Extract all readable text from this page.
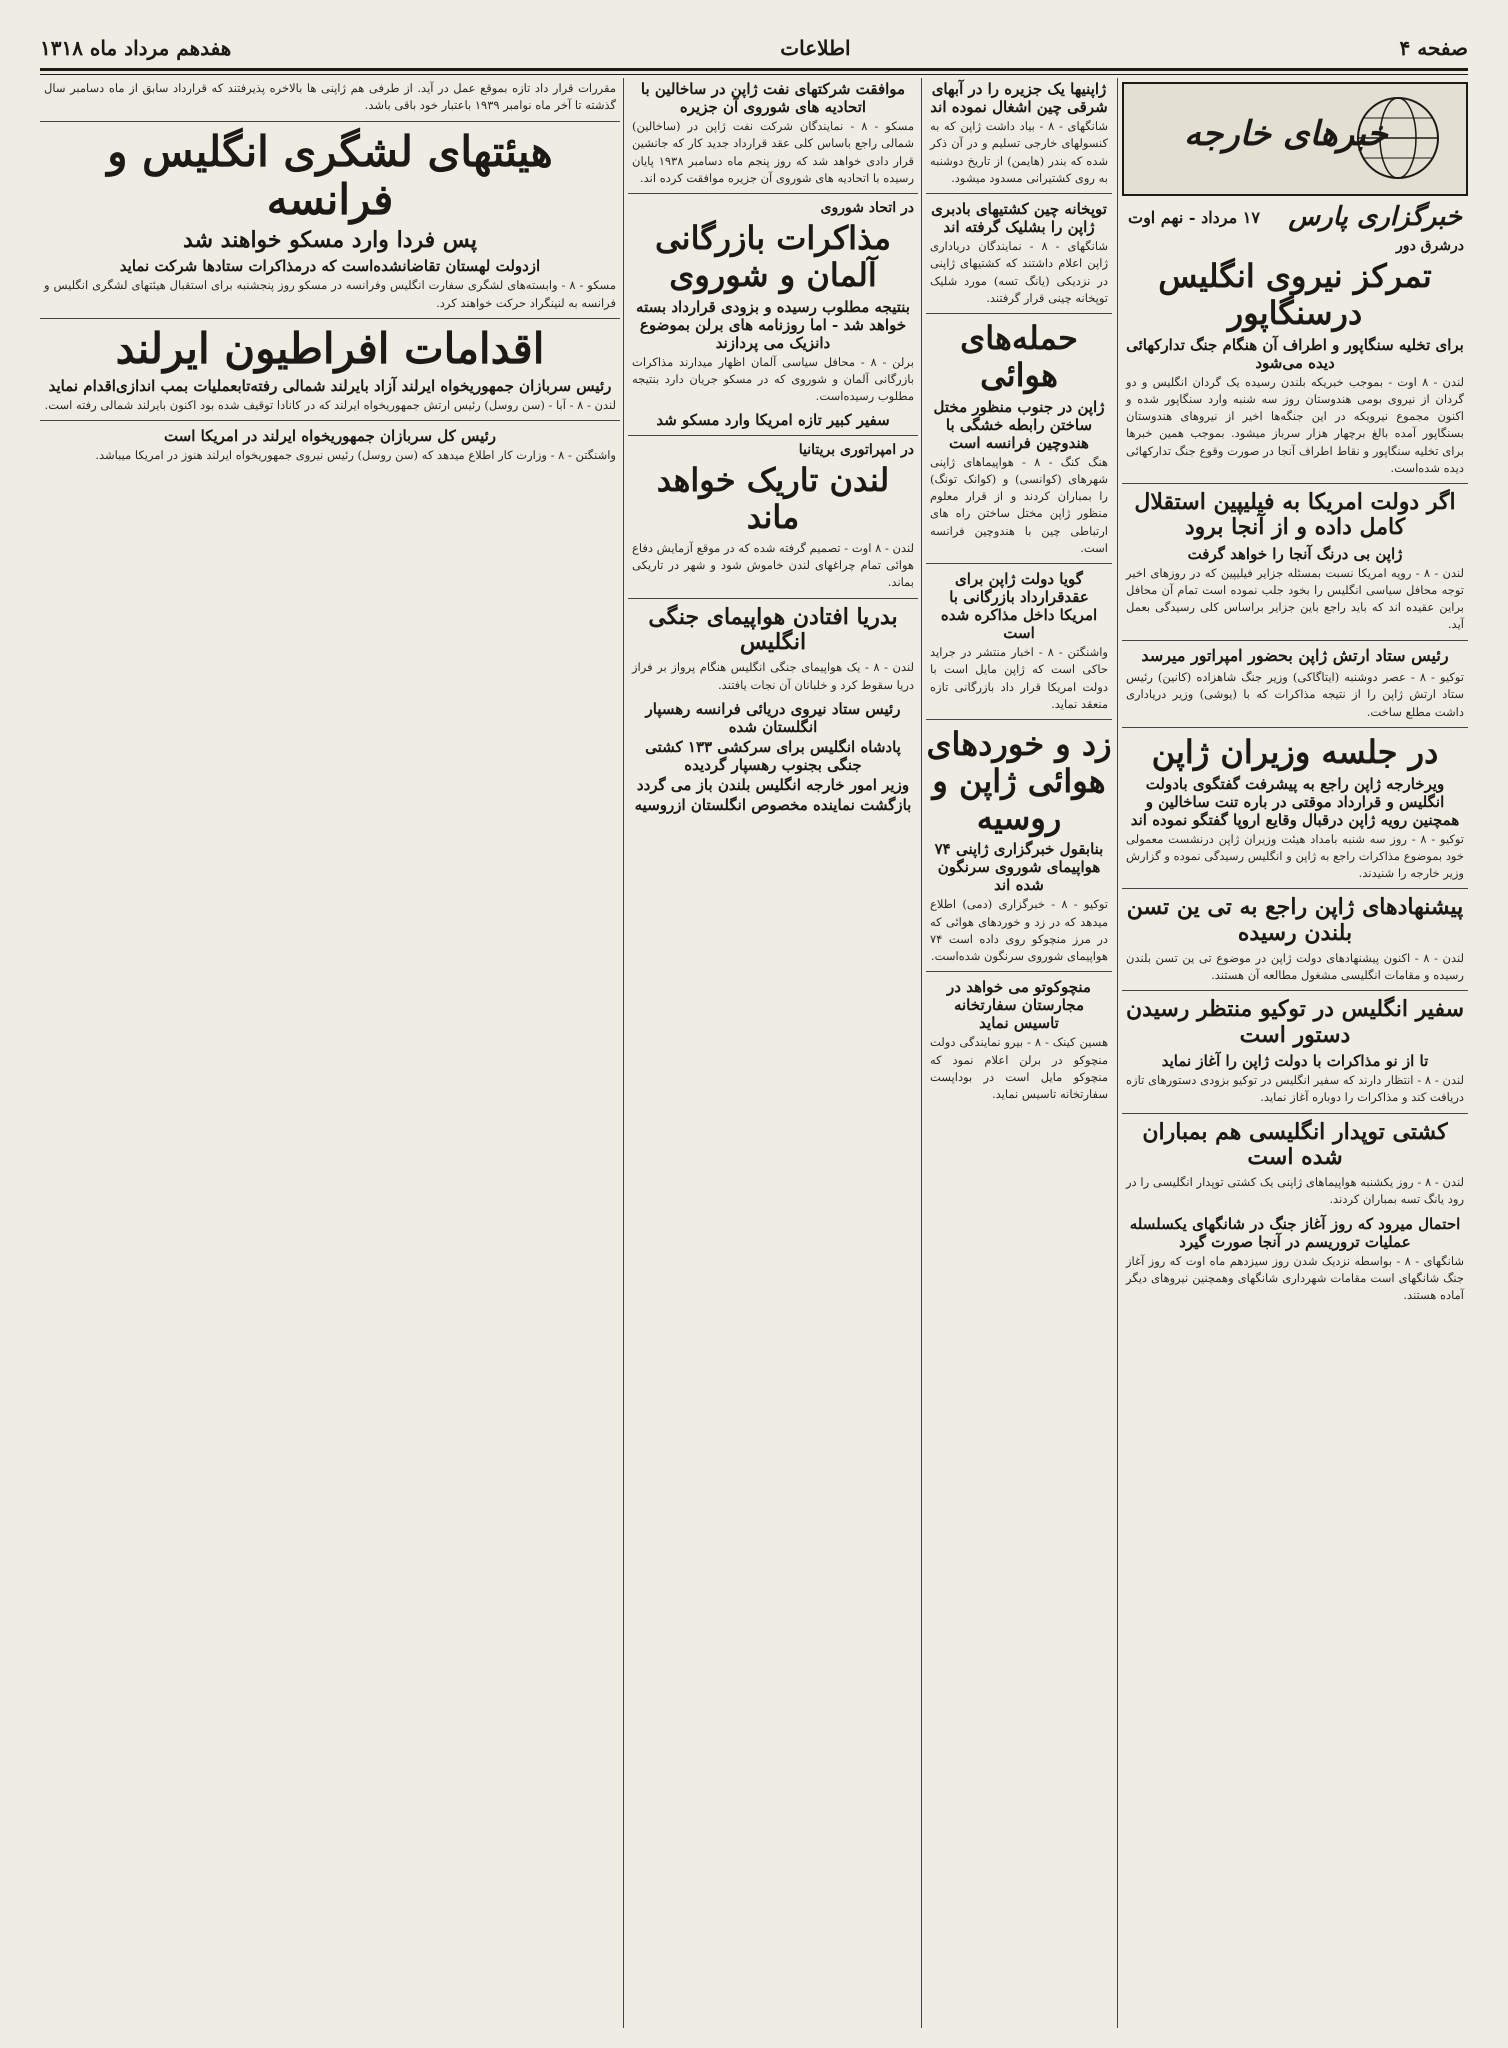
صفحه ۴
اطلاعات
هفدهم مرداد ماه ۱۳۱۸
خبرهای خارجه
خبرگزاری پارس
۱۷ مرداد - نهم اوت
درشرق دور
تمرکز نیروی انگلیس درسنگاپور
برای تخلیه سنگاپور و اطراف آن هنگام جنگ تدارکهائی دیده می‌شود
لندن - ۸ اوت - بموجب خبریکه بلندن رسیده یک گردان انگلیس و دو گردان از نیروی بومی هندوستان روز سه شنبه وارد سنگاپور شده و اکنون مجموع نیرویکه در این جنگه‌ها اخیر از نیروهای هندوستان بسنگاپور آمده بالغ برچهار هزار سرباز میشود. بموجب همین خبرها برای تخلیه سنگاپور و نقاط اطراف آنجا در صورت وقوع جنگ تدارکهائی دیده شده‌است.
اگر دولت امریکا به فیلیپین استقلال کامل داده و از آنجا برود
ژاپن بی درنگ آنجا را خواهد گرفت
لندن - ۸ - رویه امریکا نسبت بمسئله جزایر فیلیپین که در روزهای اخیر توجه محافل سیاسی انگلیس را بخود جلب نموده است تمام آن محافل براین عقیده اند که باید راجع باین جزایر براساس کلی رسیدگی بعمل آید.
رئیس ستاد ارتش ژاپن بحضور امپراتور میرسد
توکیو - ۸ - عصر دوشنبه (ایتاگاکی) وزیر جنگ شاهزاده (کانین) رئیس ستاد ارتش ژاپن را از نتیجه مذاکرات که با (یوشی) وزیر دریاداری داشت مطلع ساخت.
در جلسه وزیران ژاپن
ویرخارجه ژاپن راجع به پیشرفت گفتگوی بادولت انگلیس و قرارداد موقتی در باره تنت ساخالین و همچنین رویه ژاپن درقبال وقایع اروپا گفتگو نموده اند
توکیو - ۸ - روز سه شنبه بامداد هیئت وزیران ژاپن درنشست معمولی خود بموضوع مذاکرات راجع به ژاپن و انگلیس رسیدگی نموده و گزارش وزیر خارجه را شنیدند.
پیشنهادهای ژاپن راجع به تی ین تسن بلندن رسیده
لندن - ۸ - اکنون پیشنهادهای دولت ژاپن در موضوع تی ین تسن بلندن رسیده و مقامات انگلیسی مشغول مطالعه آن هستند.
سفیر انگلیس در توکیو منتظر رسیدن دستور است
تا از نو مذاکرات با دولت ژاپن را آغاز نماید
لندن - ۸ - انتظار دارند که سفیر انگلیس در توکیو بزودی دستورهای تازه دریافت کند و مذاکرات را دوباره آغاز نماید.
کشتی توپدار انگلیسی هم بمباران شده است
لندن - ۸ - روز یکشنبه هواپیماهای ژاپنی یک کشتی توپدار انگلیسی را در رود یانگ تسه بمباران کردند.
احتمال میرود که روز آغاز جنگ در شانگهای یکسلسله عملیات تروریسم در آنجا صورت گیرد
شانگهای - ۸ - بواسطه نزدیک شدن روز سیزدهم ماه اوت که روز آغاز جنگ شانگهای است مقامات شهرداری شانگهای وهمچنین نیروهای دیگر آماده هستند.
ژاپنیها یک جزیره را در آبهای شرقی چین اشغال نموده اند
شانگهای - ۸ - بیاد داشت ژاپن که به کنسولهای خارجی تسلیم و در آن ذکر شده که بندر (هایمن) از تاریخ دوشنبه به روی کشتیرانی مسدود میشود.
توپخانه چین کشتیهای بادبری ژاپن را بشلیک گرفته اند
شانگهای - ۸ - نمایندگان دریاداری ژاپن اعلام داشتند که کشتیهای ژاپنی در نزدیکی (یانگ تسه) مورد شلیک توپخانه چینی قرار گرفتند.
حمله‌های هوائی
ژاپن در جنوب منظور مختل ساختن رابطه خشگی با هندوچین فرانسه است
هنگ کنگ - ۸ - هواپیماهای ژاپنی شهرهای (کوانسی) و (کوانک تونگ) را بمباران کردند و از قرار معلوم منظور ژاپن مختل ساختن راه های ارتباطی چین با هندوچین فرانسه است.
گویا دولت ژاپن برای عقدقرارداد بازرگانی با امریکا داخل مذاکره شده است
واشنگتن - ۸ - اخبار منتشر در جراید حاکی است که ژاپن مایل است با دولت امریکا قرار داد بازرگانی تازه منعقد نماید.
زد و خوردهای هوائی ژاپن و روسیه
بنابقول خبرگزاری ژاپنی ۷۴ هواپیمای شوروی سرنگون شده اند
توکیو - ۸ - خبرگزاری (دمی) اطلاع میدهد که در زد و خوردهای هوائی که در مرز منچوکو روی داده است ۷۴ هواپیمای شوروی سرنگون شده‌است.
منچوکوتو می خواهد در مجارستان سفارتخانه تاسیس نماید
هسین کینک - ۸ - بیرو نمایندگی دولت منچوکو در برلن اعلام نمود که منچوکو مایل است در بوداپست سفارتخانه تاسیس نماید.
موافقت شرکتهای نفت ژاپن در ساخالین با اتحادیه های شوروی آن جزیره
مسکو - ۸ - نمایندگان شرکت نفت ژاپن در (ساخالین) شمالی راجع باساس کلی عقد قرارداد جدید کار که جانشین قرار دادی خواهد شد که روز پنجم ماه دسامبر ۱۹۳۸ پایان رسیده با اتحادیه های شوروی آن جزیره موافقت کرده اند.
در اتحاد شوروی
مذاکرات بازرگانی آلمان و شوروی
بنتیجه مطلوب رسیده و بزودی قرارداد بسته خواهد شد - اما روزنامه های برلن بموضوع دانزیک می پردازند
برلن - ۸ - محافل سیاسی آلمان اظهار میدارند مذاکرات بازرگانی آلمان و شوروی که در مسکو جریان دارد بنتیجه مطلوب رسیده‌است.
سفیر کبیر تازه امریکا وارد مسکو شد
در امپراتوری بریتانیا
لندن تاریک خواهد ماند
لندن - ۸ اوت - تصمیم گرفته شده که در موقع آزمایش دفاع هوائی تمام چراغهای لندن خاموش شود و شهر در تاریکی بماند.
بدریا افتادن هواپیمای جنگی انگلیس
لندن - ۸ - یک هواپیمای جنگی انگلیس هنگام پرواز بر فراز دریا سقوط کرد و خلبانان آن نجات یافتند.
رئیس ستاد نیروی دریائی فرانسه رهسپار انگلستان شده
پادشاه انگلیس برای سرکشی ۱۳۳ کشتی جنگی بجنوب رهسپار گردیده
وزیر امور خارجه انگلیس بلندن باز می گردد
بازگشت نماینده مخصوص انگلستان ازروسیه
مقررات قرار داد تازه بموقع عمل در آید. از طرفی هم ژاپنی ها بالاخره پذیرفتند که قرارداد سابق از ماه دسامبر سال گذشته تا آخر ماه نوامبر ۱۹۳۹ باعتبار خود باقی باشد.
هیئتهای لشگری انگلیس و فرانسه
پس فردا وارد مسکو خواهند شد
ازدولت لهستان تقاضانشده‌است که درمذاکرات ستادها شرکت نماید
مسکو - ۸ - وابسته‌های لشگری سفارت انگلیس وفرانسه در مسکو روز پنجشنبه برای استقبال هیئتهای لشگری انگلیس و فرانسه به لنینگراد حرکت خواهند کرد.
اقدامات افراطیون ایرلند
رئیس سربازان جمهوریخواه ایرلند آزاد بایرلند شمالی رفته‌تابعملیات بمب اندازی‌اقدام نماید
لندن - ۸ - آبا - (سن روسل) رئیس ارتش جمهوریخواه ایرلند که در کانادا توقیف شده بود اکنون بایرلند شمالی رفته است.
رئیس کل سربازان جمهوریخواه ایرلند در امریکا است
واشنگتن - ۸ - وزارت کار اطلاع میدهد که (سن روسل) رئیس نیروی جمهوریخواه ایرلند هنوز در امریکا میباشد.
